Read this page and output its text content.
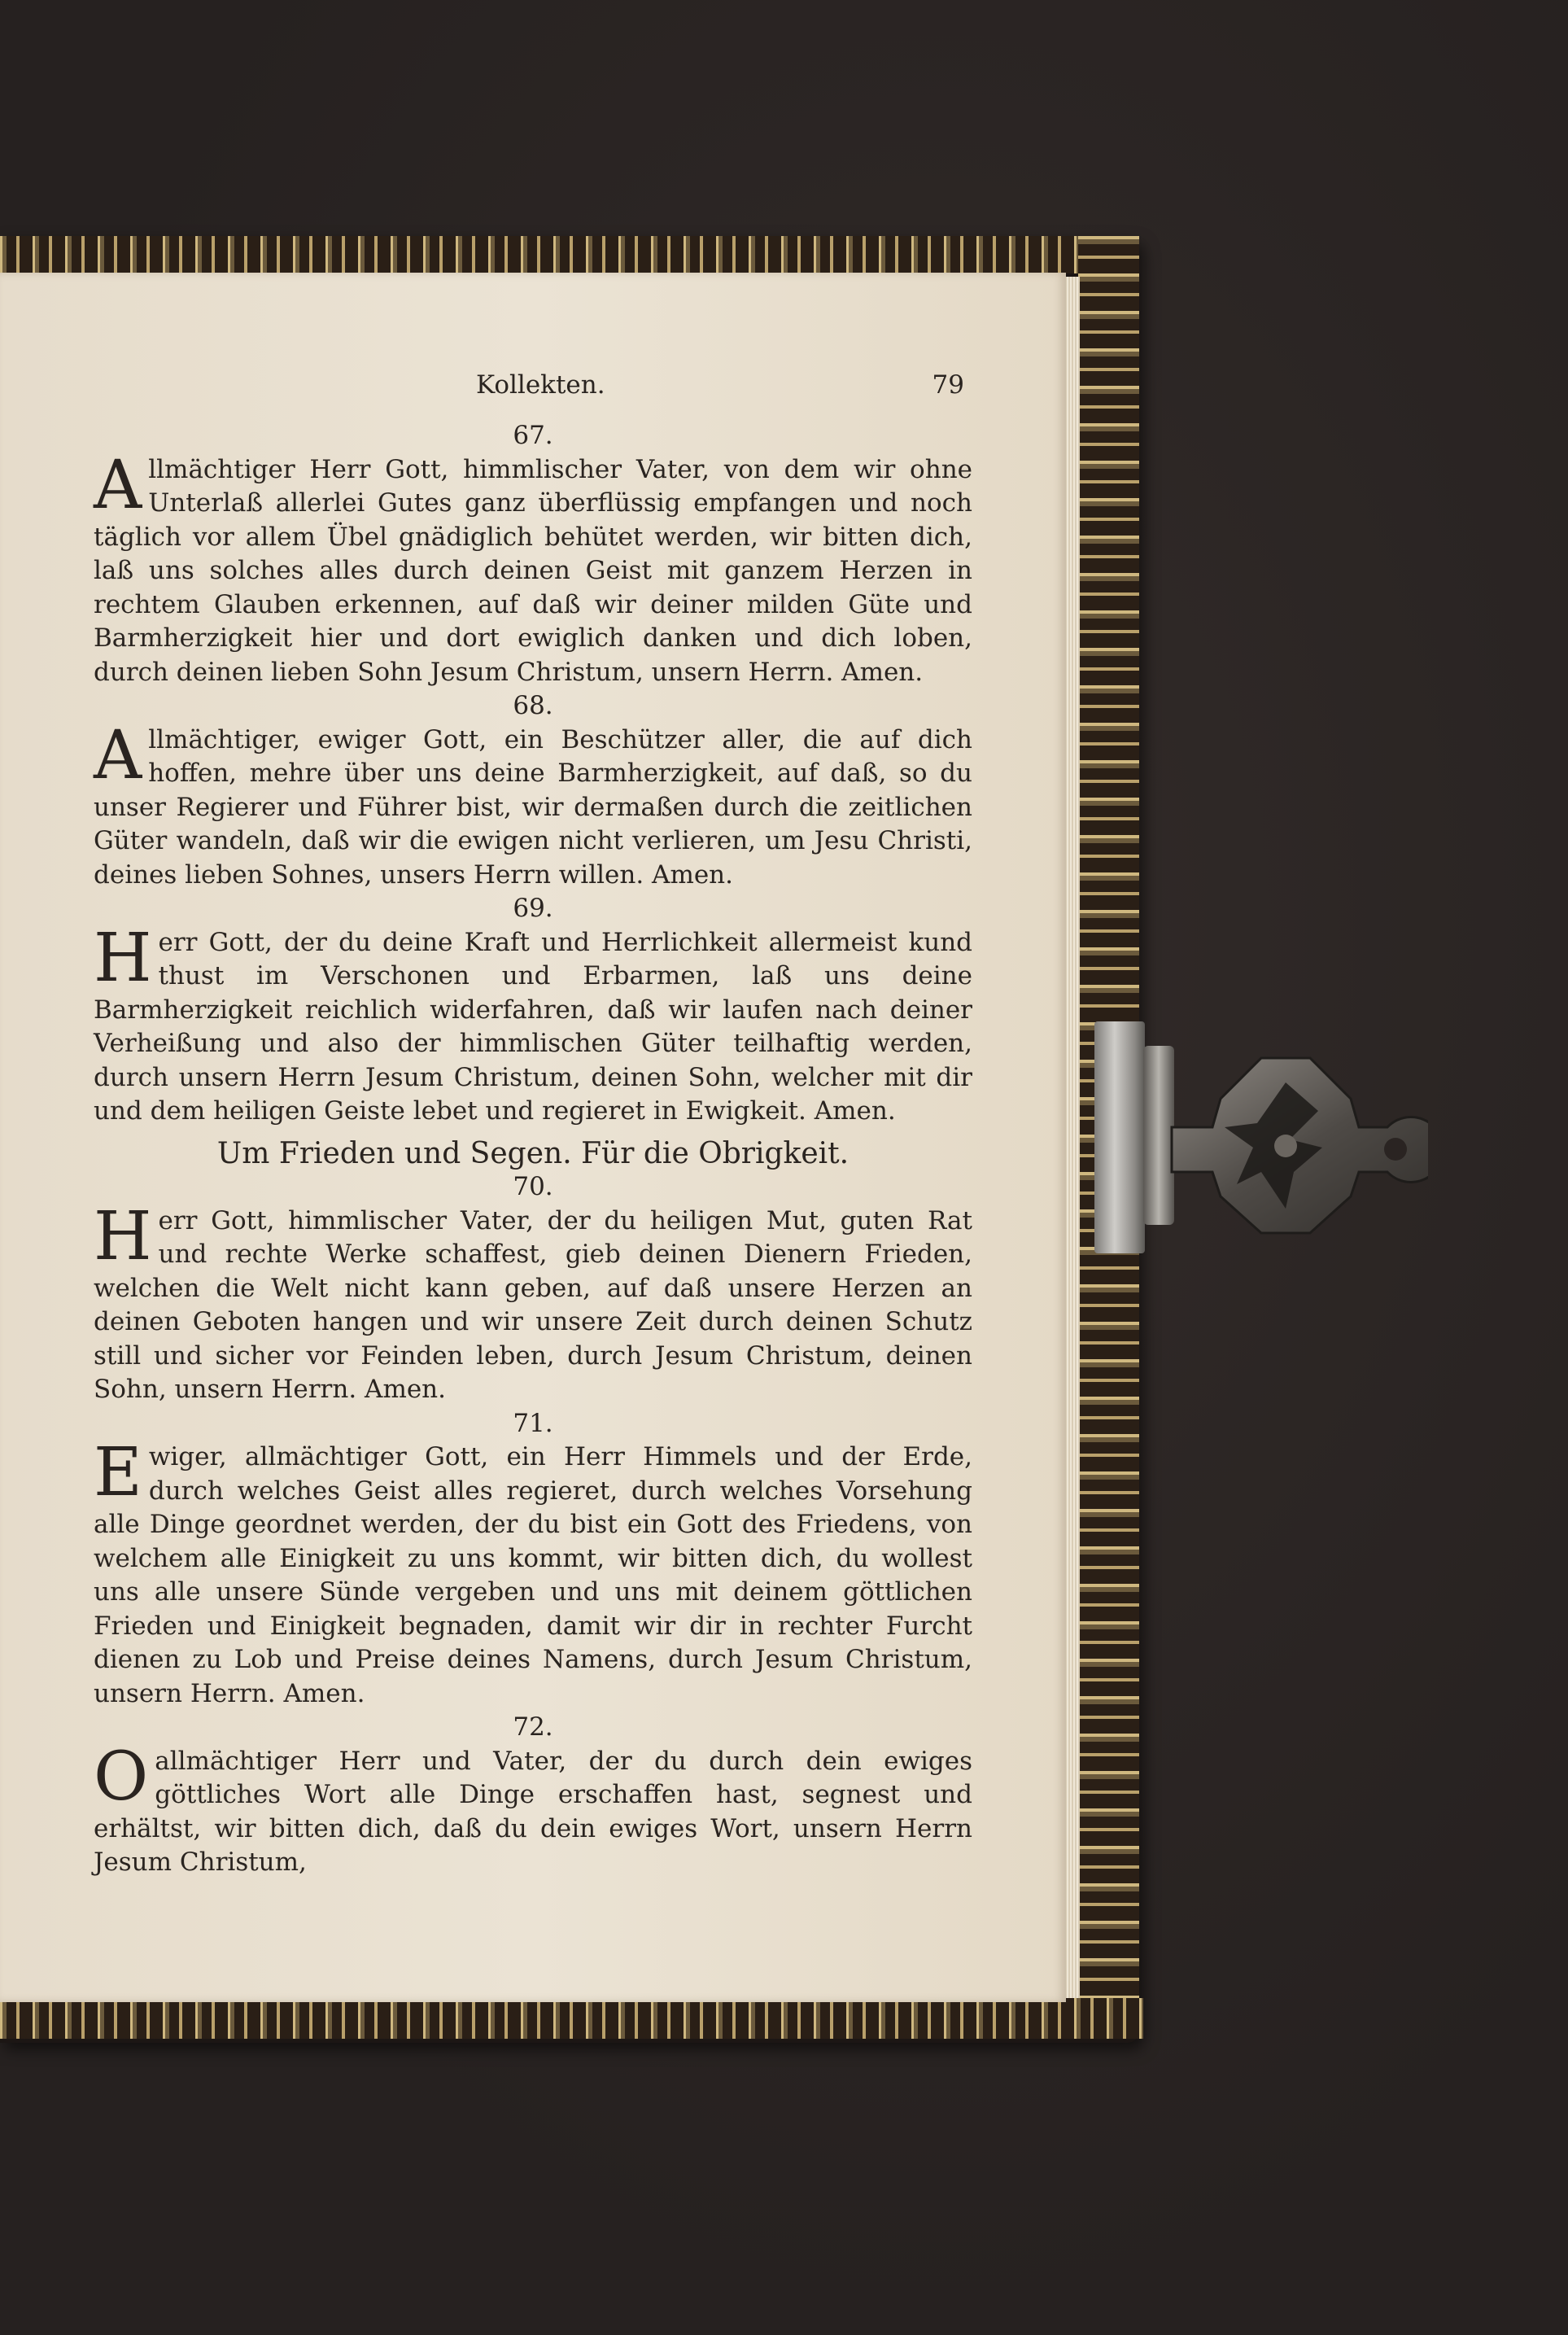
Kollekten.	79

67.

Allmächtiger Herr Gott, himmlischer Vater, von dem wir ohne Unterlaß allerlei Gutes ganz überflüssig empfangen und noch täglich vor allem Übel gnädiglich behütet werden, wir bitten dich, laß uns solches alles durch deinen Geist mit ganzem Herzen in rechtem Glauben erkennen, auf daß wir deiner milden Güte und Barmherzigkeit hier und dort ewiglich danken und dich loben, durch deinen lieben Sohn Jesum Christum, unsern Herrn. Amen.

68.

Allmächtiger, ewiger Gott, ein Beschützer aller, die auf dich hoffen, mehre über uns deine Barmherzigkeit, auf daß, so du unser Regierer und Führer bist, wir dermaßen durch die zeitlichen Güter wandeln, daß wir die ewigen nicht verlieren, um Jesu Christi, deines lieben Sohnes, unsers Herrn willen. Amen.

69.

Herr Gott, der du deine Kraft und Herrlichkeit allermeist kund thust im Verschonen und Erbarmen, laß uns deine Barmherzigkeit reichlich widerfahren, daß wir laufen nach deiner Verheißung und also der himmlischen Güter teilhaftig werden, durch unsern Herrn Jesum Christum, deinen Sohn, welcher mit dir und dem heiligen Geiste lebet und regieret in Ewigkeit. Amen.

Um Frieden und Segen. Für die Obrigkeit.

70.

Herr Gott, himmlischer Vater, der du heiligen Mut, guten Rat und rechte Werke schaffest, gieb deinen Dienern Frieden, welchen die Welt nicht kann geben, auf daß unsere Herzen an deinen Geboten hangen und wir unsere Zeit durch deinen Schutz still und sicher vor Feinden leben, durch Jesum Christum, deinen Sohn, unsern Herrn. Amen.

71.

Ewiger, allmächtiger Gott, ein Herr Himmels und der Erde, durch welches Geist alles regieret, durch welches Vorsehung alle Dinge geordnet werden, der du bist ein Gott des Friedens, von welchem alle Einigkeit zu uns kommt, wir bitten dich, du wollest uns alle unsere Sünde vergeben und uns mit deinem göttlichen Frieden und Einigkeit begnaden, damit wir dir in rechter Furcht dienen zu Lob und Preise deines Namens, durch Jesum Christum, unsern Herrn. Amen.

72.

Oallmächtiger Herr und Vater, der du durch dein ewiges göttliches Wort alle Dinge erschaffen hast, segnest und erhältst, wir bitten dich, daß du dein ewiges Wort, unsern Herrn Jesum Christum,
